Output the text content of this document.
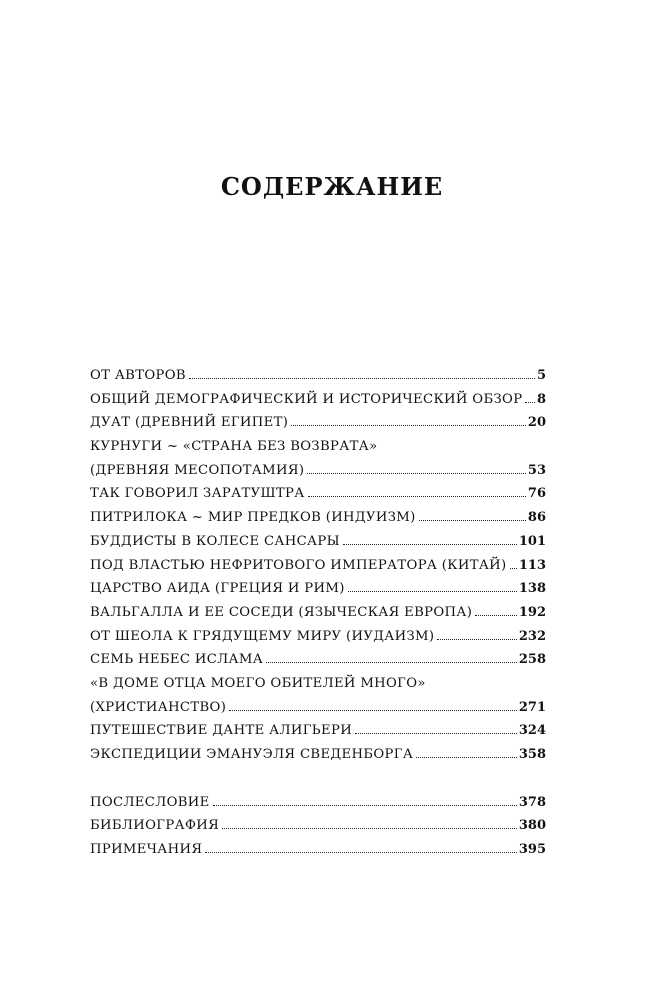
СОДЕРЖАНИЕ
ОТ АВТОРОВ	5
ОБЩИЙ ДЕМОГРАФИЧЕСКИЙ И ИСТОРИЧЕСКИЙ ОБЗОР 8
ДУАТ (ДРЕВНИЙ ЕГИПЕТ)	20
КУРНУГИ ~ «СТРАНА БЕЗ ВОЗВРАТА»
(ДРЕВНЯЯ МЕСОПОТАМИЯ)	53
ТАК ГОВОРИЛ ЗАРАТУШТРА	76
ПИТРИЛОКА ~ МИР ПРЕДКОВ (ИНДУИЗМ)	86
БУДДИСТЫ В КОЛЕСЕ САНСАРЫ	101
ПОД ВЛАСТЬЮ НЕФРИТОВОГО ИМПЕРАТОРА (КИТАЙ) 113
ЦАРСТВО АИДА (ГРЕЦИЯ И РИМ)	138
ВАЛЬГАЛЛА И ЕЕ СОСЕДИ (ЯЗЫЧЕСКАЯ ЕВРОПА)	192
ОТ ШЕОЛА К ГРЯДУЩЕМУ МИРУ (ИУДАИЗМ)	232
СЕМЬ НЕБЕС ИСЛАМА	258
«В ДОМЕ ОТЦА МОЕГО ОБИТЕЛЕЙ МНОГО»
(ХРИСТИАНСТВО)	271
ПУТЕШЕСТВИЕ ДАНТЕ АЛИГЬЕРИ	324
ЭКСПЕДИЦИИ ЭМАНУЭЛЯ СВЕДЕНБОРГА	358
ПОСЛЕСЛОВИЕ	378
БИБЛИОГРАФИЯ	380
ПРИМЕЧАНИЯ	395
